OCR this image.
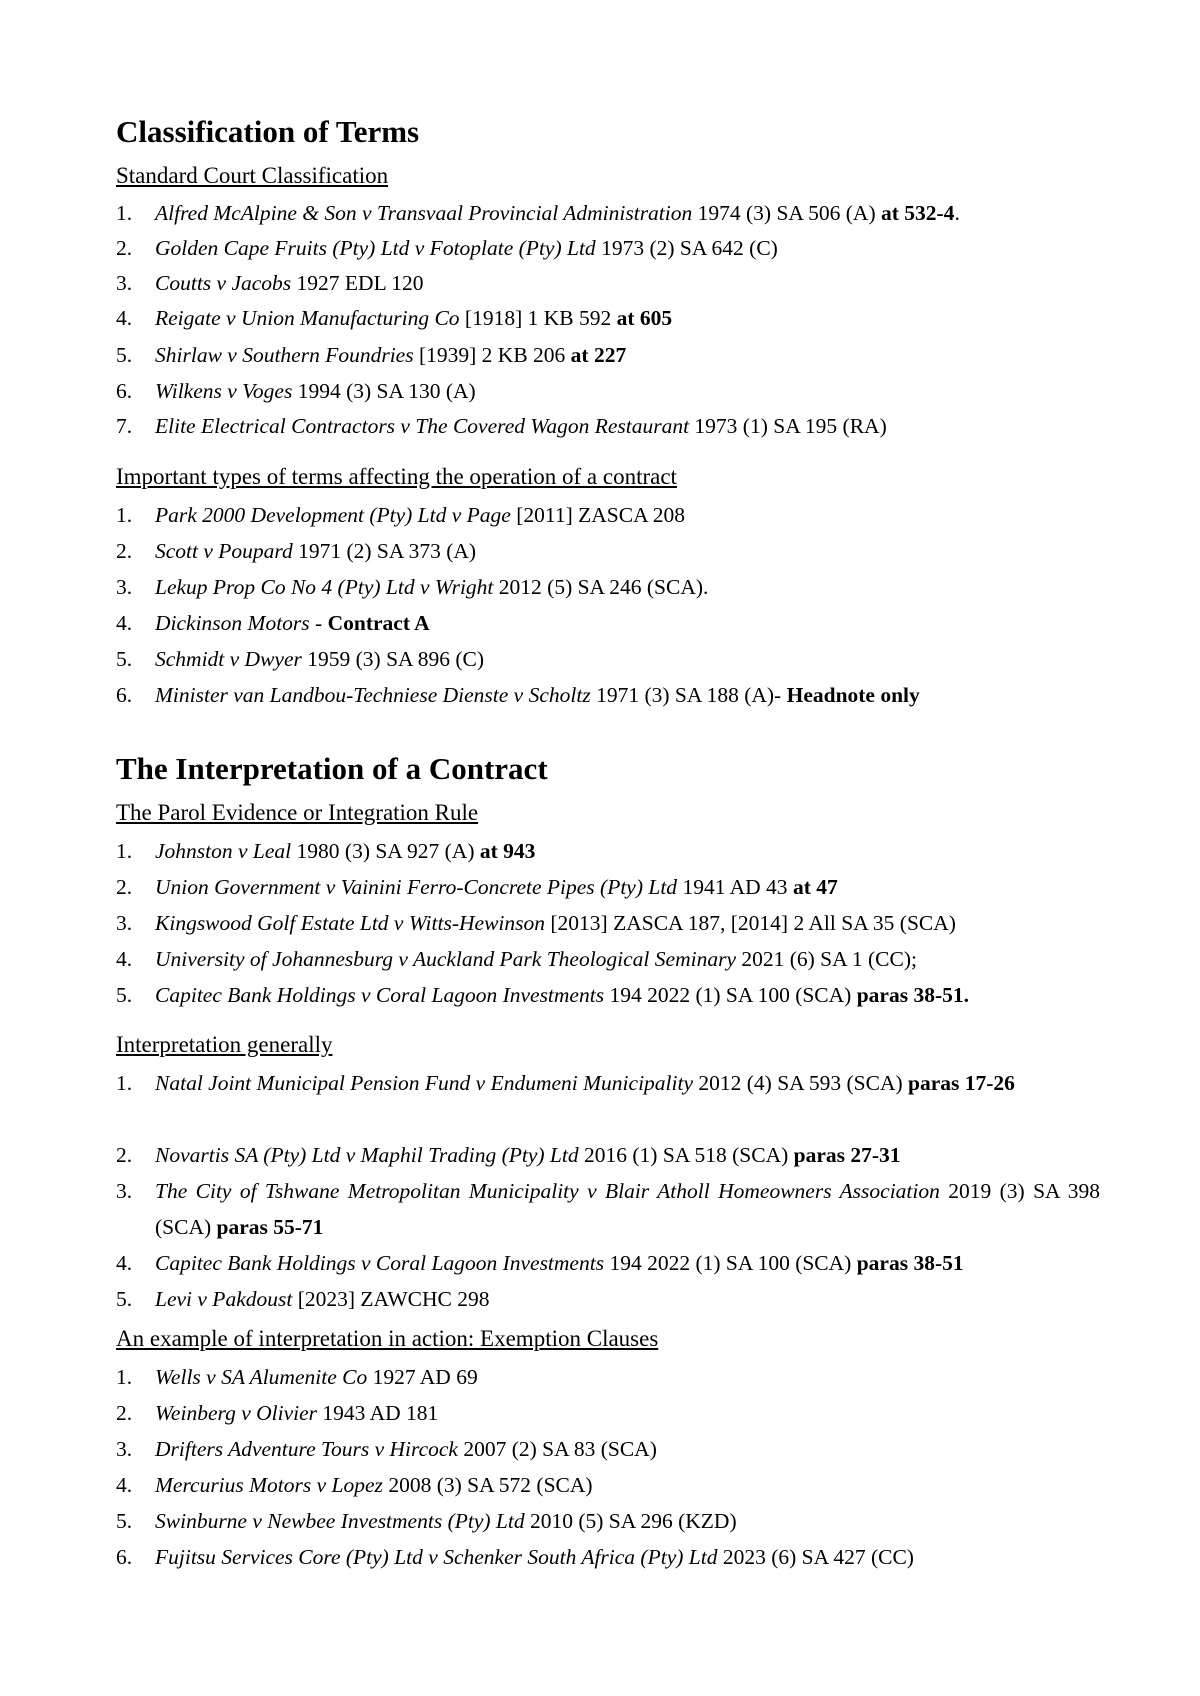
Classification of Terms
Standard Court Classification
1. Alfred McAlpine & Son v Transvaal Provincial Administration 1974 (3) SA 506 (A) at 532-4.
2. Golden Cape Fruits (Pty) Ltd v Fotoplate (Pty) Ltd 1973 (2) SA 642 (C)
3. Coutts v Jacobs 1927 EDL 120
4. Reigate v Union Manufacturing Co [1918] 1 KB 592 at 605
5. Shirlaw v Southern Foundries [1939] 2 KB 206 at 227
6. Wilkens v Voges 1994 (3) SA 130 (A)
7. Elite Electrical Contractors v The Covered Wagon Restaurant 1973 (1) SA 195 (RA)
Important types of terms affecting the operation of a contract
1. Park 2000 Development (Pty) Ltd v Page [2011] ZASCA 208
2. Scott v Poupard 1971 (2) SA 373 (A)
3. Lekup Prop Co No 4 (Pty) Ltd v Wright 2012 (5) SA 246 (SCA).
4. Dickinson Motors - Contract A
5. Schmidt v Dwyer 1959 (3) SA 896 (C)
6. Minister van Landbou-Techniese Dienste v Scholtz 1971 (3) SA 188 (A)- Headnote only
The Interpretation of a Contract
The Parol Evidence or Integration Rule
1. Johnston v Leal 1980 (3) SA 927 (A) at 943
2. Union Government v Vainini Ferro-Concrete Pipes (Pty) Ltd 1941 AD 43 at 47
3. Kingswood Golf Estate Ltd v Witts-Hewinson [2013] ZASCA 187, [2014] 2 All SA 35 (SCA)
4. University of Johannesburg v Auckland Park Theological Seminary 2021 (6) SA 1 (CC);
5. Capitec Bank Holdings v Coral Lagoon Investments 194 2022 (1) SA 100 (SCA) paras 38-51.
Interpretation generally
1. Natal Joint Municipal Pension Fund v Endumeni Municipality 2012 (4) SA 593 (SCA) paras 17-26
2. Novartis SA (Pty) Ltd v Maphil Trading (Pty) Ltd 2016 (1) SA 518 (SCA) paras 27-31
3. The City of Tshwane Metropolitan Municipality v Blair Atholl Homeowners Association 2019 (3) SA 398 (SCA) paras 55-71
4. Capitec Bank Holdings v Coral Lagoon Investments 194 2022 (1) SA 100 (SCA) paras 38-51
5. Levi v Pakdoust [2023] ZAWCHC 298
An example of interpretation in action: Exemption Clauses
1. Wells v SA Alumenite Co 1927 AD 69
2. Weinberg v Olivier 1943 AD 181
3. Drifters Adventure Tours v Hircock 2007 (2) SA 83 (SCA)
4. Mercurius Motors v Lopez 2008 (3) SA 572 (SCA)
5. Swinburne v Newbee Investments (Pty) Ltd 2010 (5) SA 296 (KZD)
6. Fujitsu Services Core (Pty) Ltd v Schenker South Africa (Pty) Ltd 2023 (6) SA 427 (CC)
